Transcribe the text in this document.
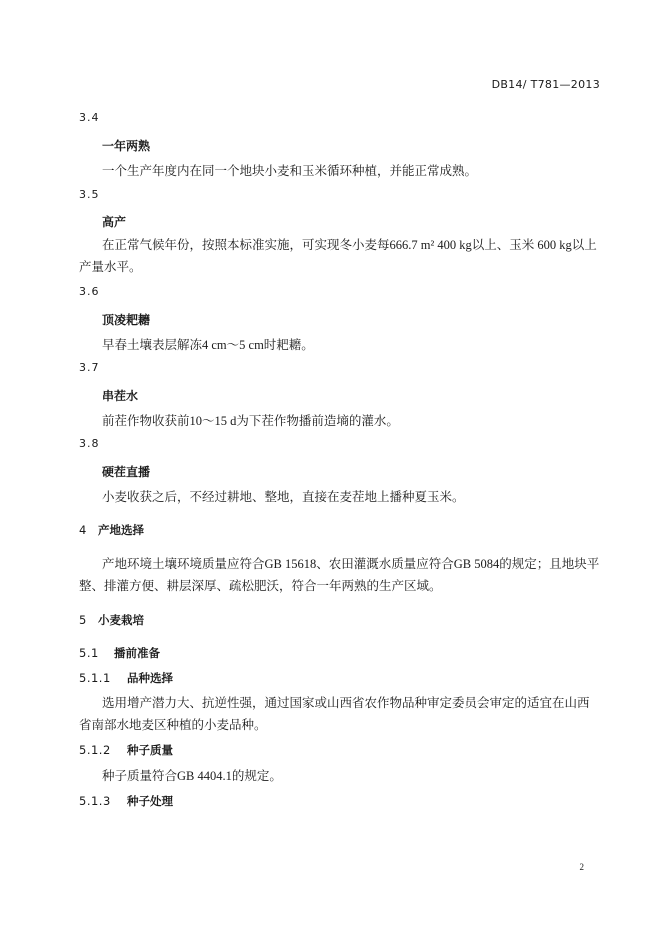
DB14/ T781—2013
3.4
一年两熟
一个生产年度内在同一个地块小麦和玉米循环种植，并能正常成熟。
3.5
高产
在正常气候年份，按照本标准实施，可实现冬小麦每666.7 m² 400 kg以上、玉米 600 kg以上产量水平。
3.6
顶凌耙耱
早春土壤表层解冻4 cm～5 cm时耙耱。
3.7
串茬水
前茬作物收获前10～15 d为下茬作物播前造墒的灌水。
3.8
硬茬直播
小麦收获之后，不经过耕地、整地，直接在麦茬地上播种夏玉米。
4 产地选择
产地环境土壤环境质量应符合GB 15618、农田灌溉水质量应符合GB 5084的规定；且地块平整、排灌方便、耕层深厚、疏松肥沃，符合一年两熟的生产区域。
5 小麦栽培
5.1 播前准备
5.1.1 品种选择
选用增产潜力大、抗逆性强，通过国家或山西省农作物品种审定委员会审定的适宜在山西省南部水地麦区种植的小麦品种。
5.1.2 种子质量
种子质量符合GB 4404.1的规定。
5.1.3 种子处理
2
